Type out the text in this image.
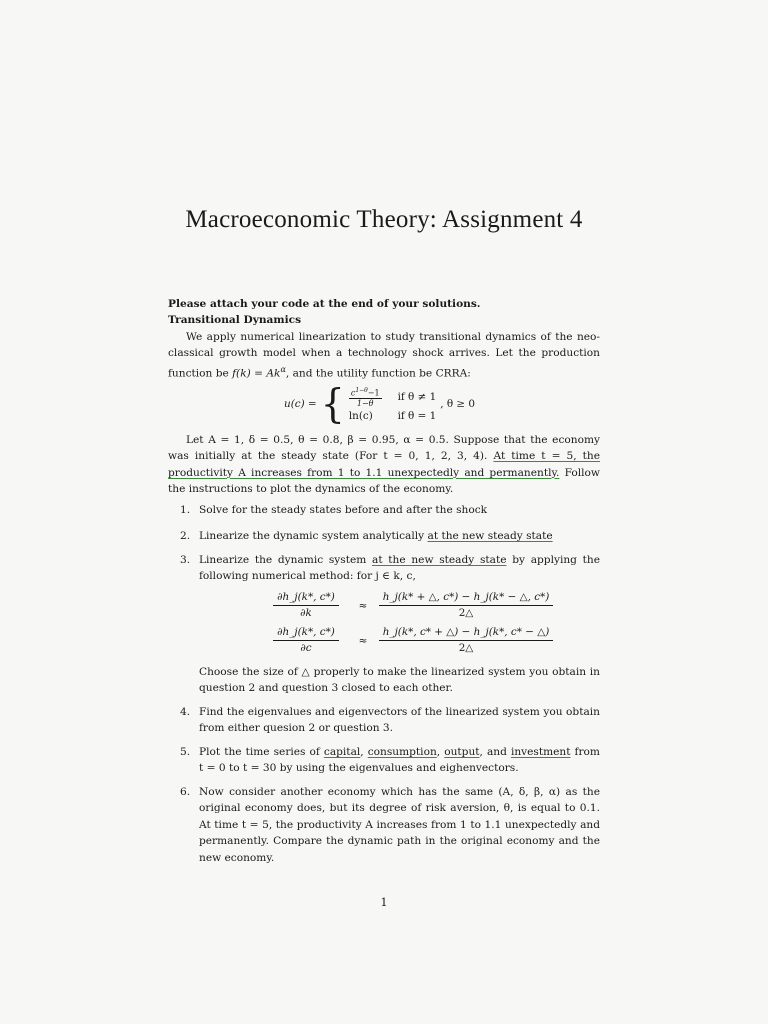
Macroeconomic Theory: Assignment 4
Please attach your code at the end of your solutions.
Transitional Dynamics
We apply numerical linearization to study transitional dynamics of the neo-classical growth model when a technology shock arrives. Let the production function be $f(k) = Ak^\alpha$, and the utility function be CRRA:
u(c) = { $\frac{c^{1-\theta}-1}{1-\theta}$ if θ ≠ 1
ln(c)	if θ = 1
, θ ≥ 0
Let A = 1, δ = 0.5, θ = 0.8, β = 0.95, α = 0.5. Suppose that the economy was initially at the steady state (For t = 0, 1, 2, 3, 4). At time t = 5, the productivity A increases from 1 to 1.1 unexpectedly and permanently. Follow the instructions to plot the dynamics of the economy.
1. Solve for the steady states before and after the shock
2. Linearize the dynamic system analytically at the new steady state
3. Linearize the dynamic system at the new steady state by applying the following numerical method: for j ∈ k, c,
Choose the size of △ properly to make the linearized system you obtain in question 2 and question 3 closed to each other.
4. Find the eigenvalues and eigenvectors of the linearized system you obtain from either quesion 2 or question 3.
5. Plot the time series of capital, consumption, output, and investment from t = 0 to t = 30 by using the eigenvalues and eighenvectors.
6. Now consider another economy which has the same (A, δ, β, α) as the original economy does, but its degree of risk aversion, θ, is equal to 0.1. At time t = 5, the productivity A increases from 1 to 1.1 unexpectedly and permanently. Compare the dynamic path in the original economy and the new economy.
$\frac{\partial h\_j(k*, c*)}{\partial k} \approx \frac{h\_j(k* + \triangle, c*) - h\_j(k* - \triangle, c*)}{2\triangle}$
$\frac{\partial h\_j(k*, c*)}{\partial c} \approx \frac{h\_j(k*, c* + \triangle) - h\_j(k*, c* - \triangle)}{2\triangle}$
1
